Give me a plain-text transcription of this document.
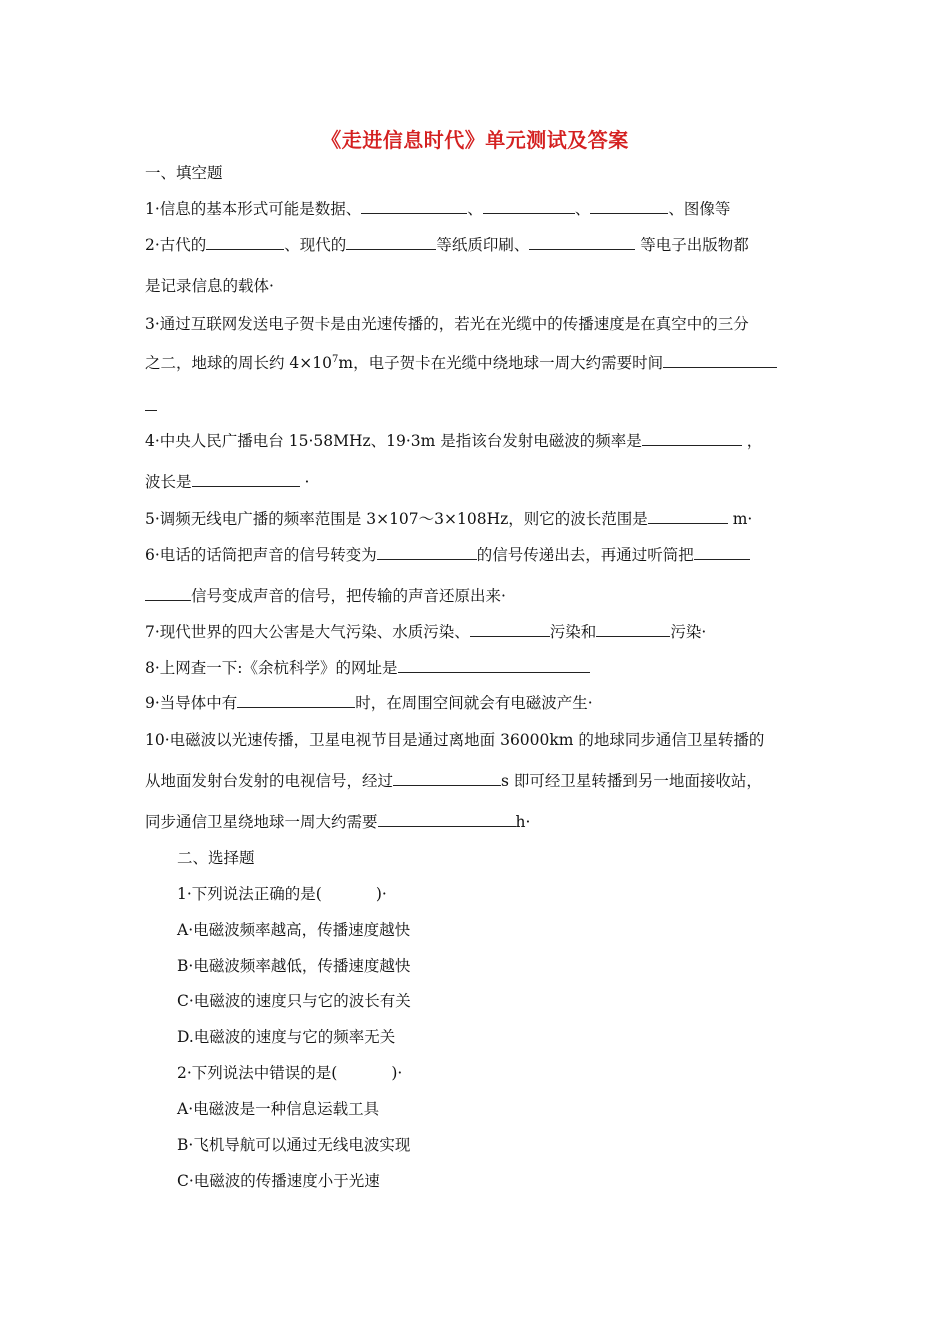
《走进信息时代》单元测试及答案
一、填空题
1·信息的基本形式可能是数据、	、	、	、图像等
2·古代的	、现代的	等纸质印刷、	等电子出版物都
是记录信息的载体·
3·通过互联网发送电子贺卡是由光速传播的，若光在光缆中的传播速度是在真空中的三分
之二，地球的周长约 $4\times 10^7m$，电子贺卡在光缆中绕地球一周大约需要时间
4·中央人民广播电台 15·58MHz、19·3m 是指该台发射电磁波的频率是	，
波长是	·
5·调频无线电广播的频率范围是 3×107～3×108Hz，则它的波长范围是	m·
6·电话的话筒把声音的信号转变为	的信号传递出去，再通过听筒把
信号变成声音的信号，把传输的声音还原出来·
7·现代世界的四大公害是大气污染、水质污染、	污染和	污染·
8·上网查一下:《余杭科学》的网址是
9·当导体中有	时，在周围空间就会有电磁波产生·
10·电磁波以光速传播，卫星电视节目是通过离地面 36000km 的地球同步通信卫星转播的
从地面发射台发射的电视信号，经过	s 即可经卫星转播到另一地面接收站，
同步通信卫星绕地球一周大约需要	h·
二、选择题
1·下列说法正确的是(	)·
A·电磁波频率越高，传播速度越快
B·电磁波频率越低，传播速度越快
C·电磁波的速度只与它的波长有关
D.电磁波的速度与它的频率无关
2·下列说法中错误的是(	)·
A·电磁波是一种信息运载工具
B·飞机导航可以通过无线电波实现
C·电磁波的传播速度小于光速
